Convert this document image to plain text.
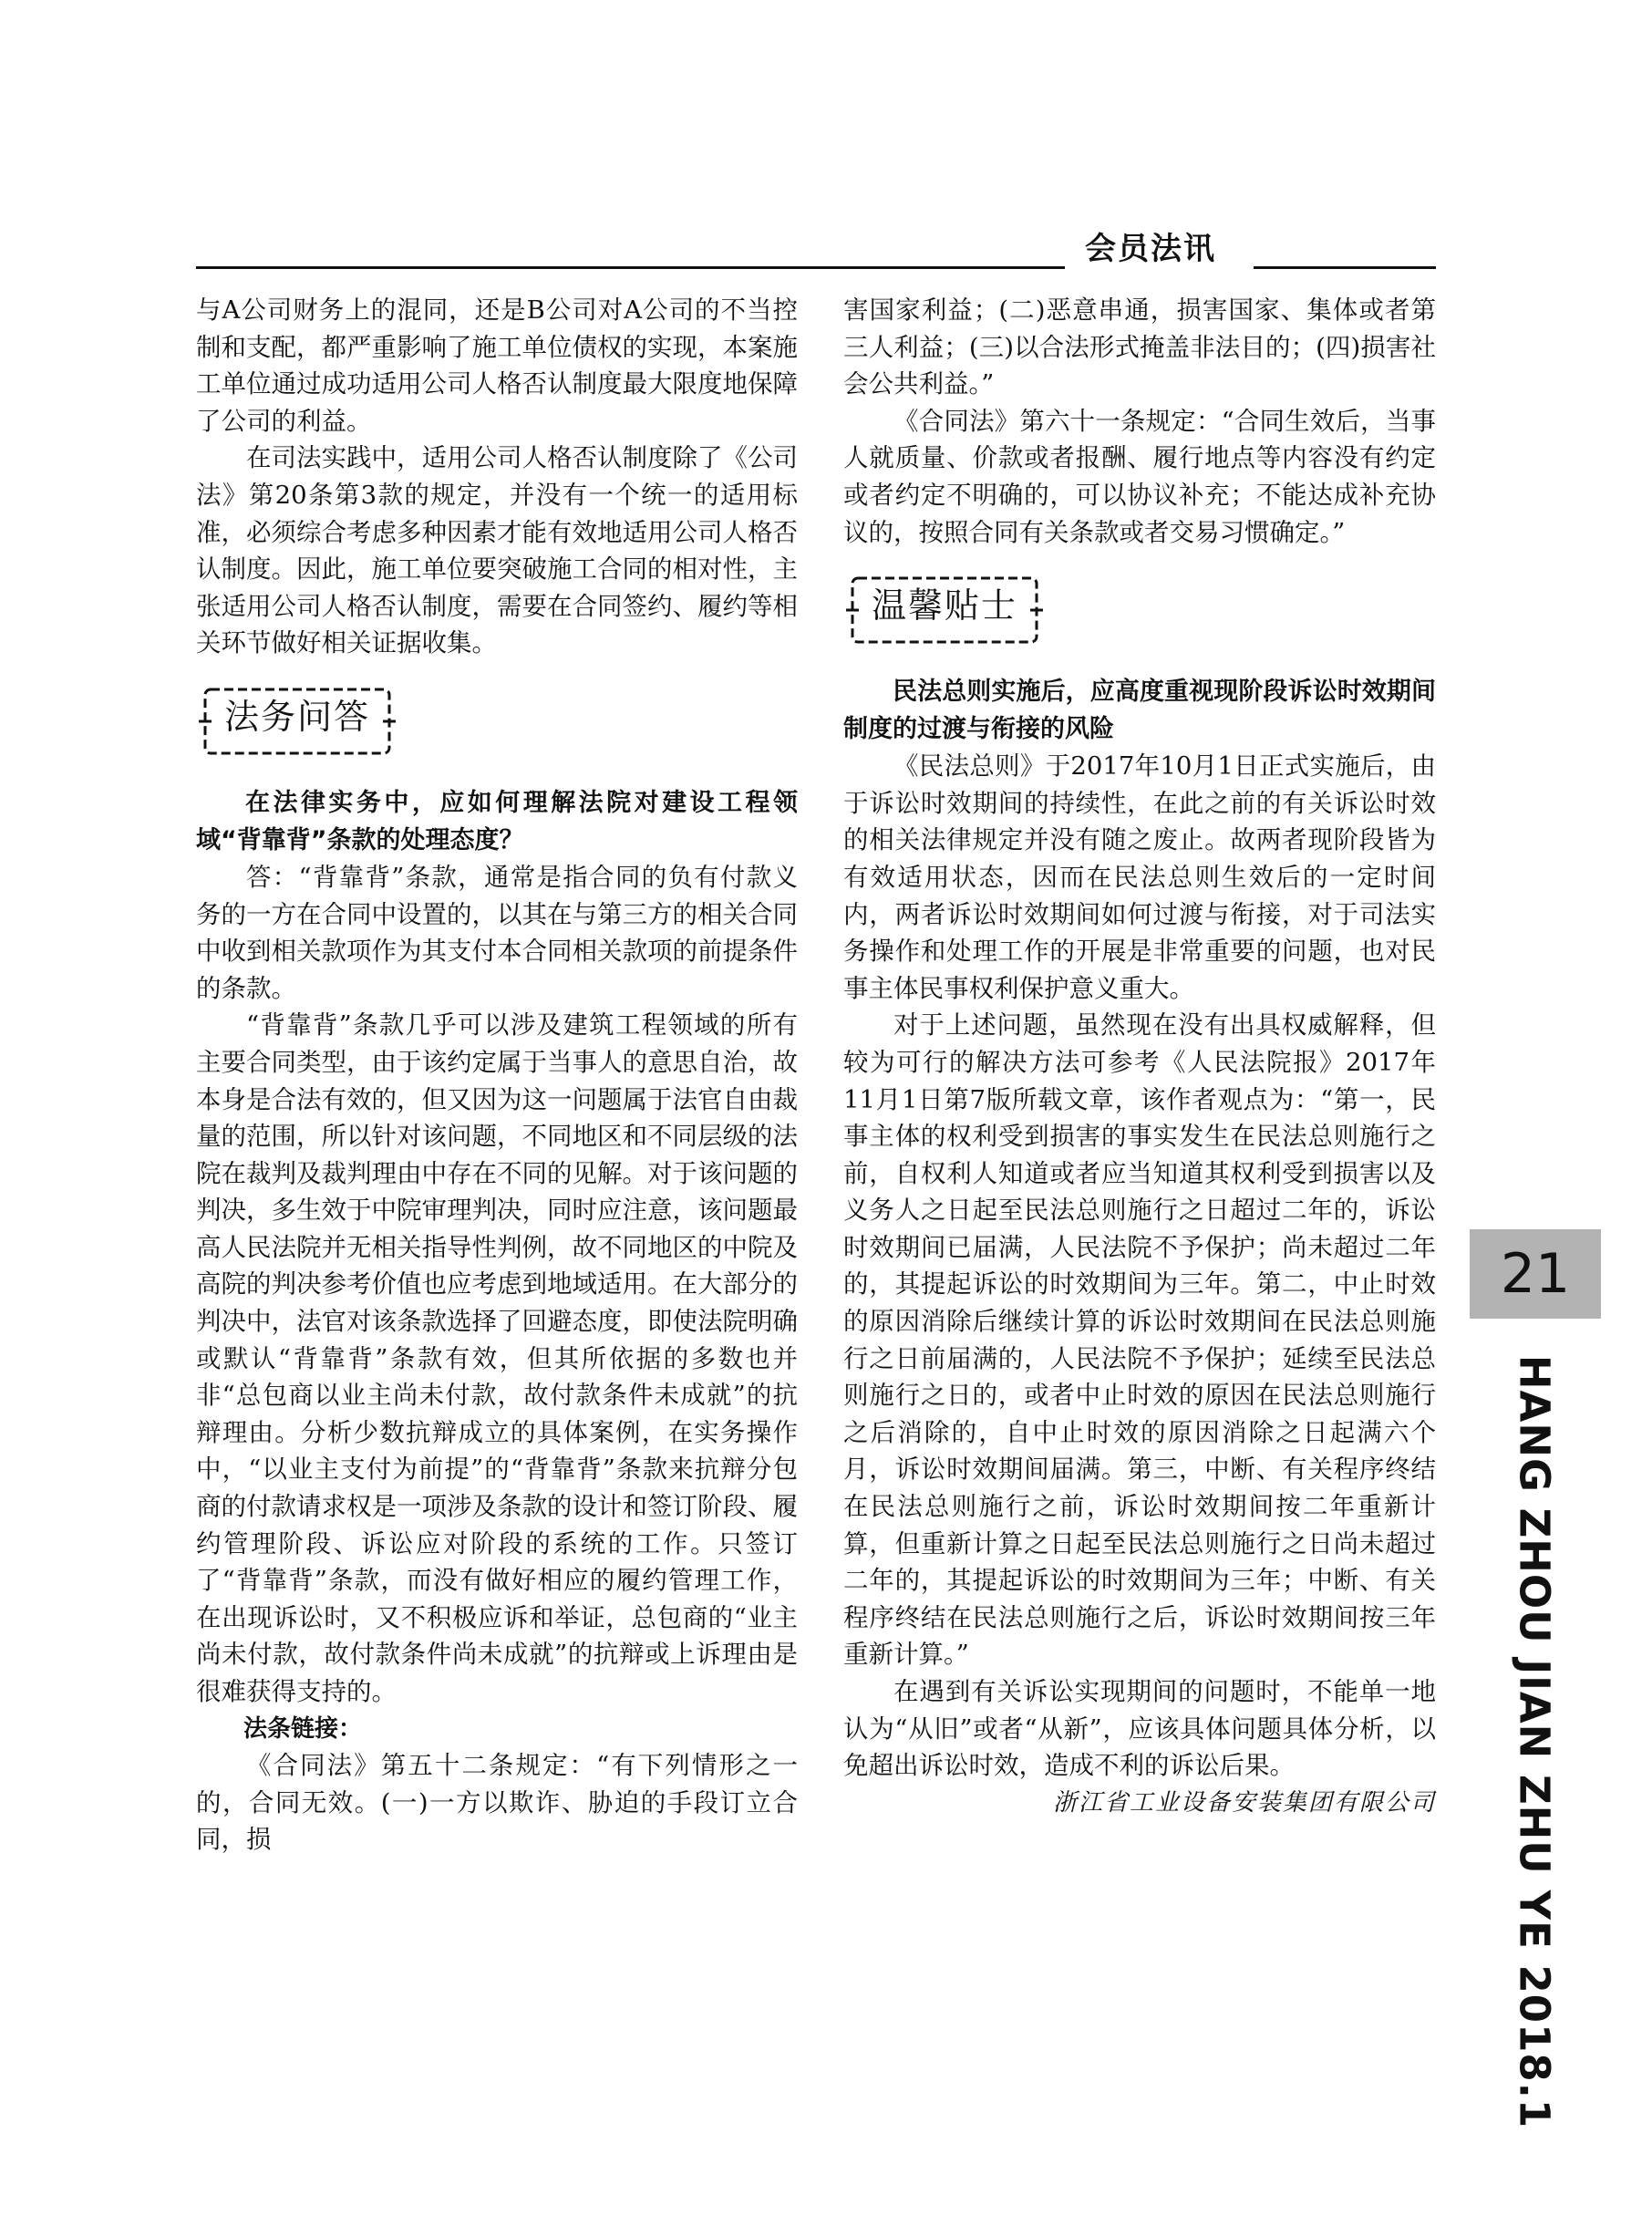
会员法讯

与A公司财务上的混同，还是B公司对A公司的不当控制和支配，都严重影响了施工单位债权的实现，本案施工单位通过成功适用公司人格否认制度最大限度地保障了公司的利益。

在司法实践中，适用公司人格否认制度除了《公司法》第20条第3款的规定，并没有一个统一的适用标准，必须综合考虑多种因素才能有效地适用公司人格否认制度。因此，施工单位要突破施工合同的相对性，主张适用公司人格否认制度，需要在合同签约、履约等相关环节做好相关证据收集。

法务问答

在法律实务中，应如何理解法院对建设工程领域“背靠背”条款的处理态度？

答：“背靠背”条款，通常是指合同的负有付款义务的一方在合同中设置的，以其在与第三方的相关合同中收到相关款项作为其支付本合同相关款项的前提条件的条款。

“背靠背”条款几乎可以涉及建筑工程领域的所有主要合同类型，由于该约定属于当事人的意思自治，故本身是合法有效的，但又因为这一问题属于法官自由裁量的范围，所以针对该问题，不同地区和不同层级的法院在裁判及裁判理由中存在不同的见解。对于该问题的判决，多生效于中院审理判决，同时应注意，该问题最高人民法院并无相关指导性判例，故不同地区的中院及高院的判决参考价值也应考虑到地域适用。在大部分的判决中，法官对该条款选择了回避态度，即使法院明确或默认“背靠背”条款有效，但其所依据的多数也并非“总包商以业主尚未付款，故付款条件未成就”的抗辩理由。分析少数抗辩成立的具体案例，在实务操作中，“以业主支付为前提”的“背靠背”条款来抗辩分包商的付款请求权是一项涉及条款的设计和签订阶段、履约管理阶段、诉讼应对阶段的系统的工作。只签订了“背靠背”条款，而没有做好相应的履约管理工作，在出现诉讼时，又不积极应诉和举证，总包商的“业主尚未付款，故付款条件尚未成就”的抗辩或上诉理由是很难获得支持的。

法条链接：

《合同法》第五十二条规定：“有下列情形之一的，合同无效。(一)一方以欺诈、胁迫的手段订立合同，损

害国家利益；(二)恶意串通，损害国家、集体或者第三人利益；(三)以合法形式掩盖非法目的；(四)损害社会公共利益。”

《合同法》第六十一条规定：“合同生效后，当事人就质量、价款或者报酬、履行地点等内容没有约定或者约定不明确的，可以协议补充；不能达成补充协议的，按照合同有关条款或者交易习惯确定。”

温馨贴士

民法总则实施后，应高度重视现阶段诉讼时效期间制度的过渡与衔接的风险

《民法总则》于2017年10月1日正式实施后，由于诉讼时效期间的持续性，在此之前的有关诉讼时效的相关法律规定并没有随之废止。故两者现阶段皆为有效适用状态，因而在民法总则生效后的一定时间内，两者诉讼时效期间如何过渡与衔接，对于司法实务操作和处理工作的开展是非常重要的问题，也对民事主体民事权利保护意义重大。

对于上述问题，虽然现在没有出具权威解释，但较为可行的解决方法可参考《人民法院报》2017年11月1日第7版所载文章，该作者观点为：“第一，民事主体的权利受到损害的事实发生在民法总则施行之前，自权利人知道或者应当知道其权利受到损害以及义务人之日起至民法总则施行之日超过二年的，诉讼时效期间已届满，人民法院不予保护；尚未超过二年的，其提起诉讼的时效期间为三年。第二，中止时效的原因消除后继续计算的诉讼时效期间在民法总则施行之日前届满的，人民法院不予保护；延续至民法总则施行之日的，或者中止时效的原因在民法总则施行之后消除的，自中止时效的原因消除之日起满六个月，诉讼时效期间届满。第三，中断、有关程序终结在民法总则施行之前，诉讼时效期间按二年重新计算，但重新计算之日起至民法总则施行之日尚未超过二年的，其提起诉讼的时效期间为三年；中断、有关程序终结在民法总则施行之后，诉讼时效期间按三年重新计算。”

在遇到有关诉讼实现期间的问题时，不能单一地认为“从旧”或者“从新”，应该具体问题具体分析，以免超出诉讼时效，造成不利的诉讼后果。

浙江省工业设备安装集团有限公司

21
HANG ZHOU JIAN ZHU YE 2018.1
